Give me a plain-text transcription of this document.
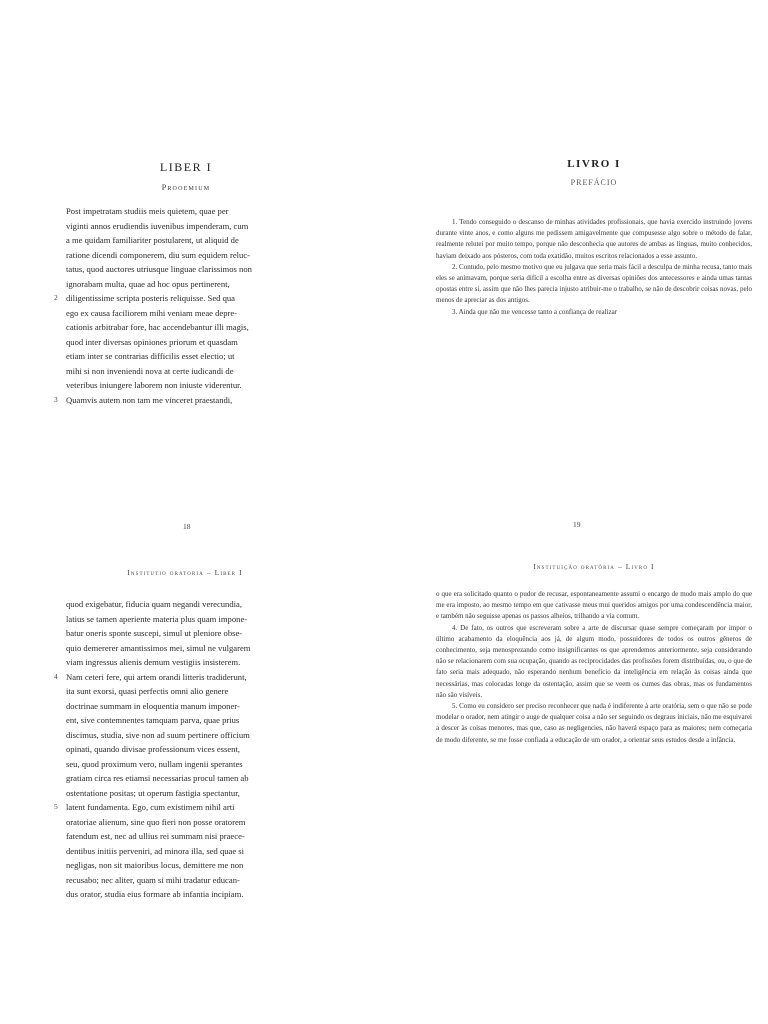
LIBER I
Prooemium
Post impetratam studiis meis quietem, quae per
viginti annos erudiendis iuvenibus impenderam, cum
a me quidam familiariter postularent, ut aliquid de
ratione dicendi componerem, diu sum equidem reluc-
tatus, quod auctores utriusque linguae clarissimos non
ignorabam multa, quae ad hoc opus pertinerent,
2 diligentissime scripta posteris reliquisse. Sed qua
ego ex causa faciliorem mihi veniam meae depre-
cationis arbitrabar fore, hac accendebantur illi magis,
quod inter diversas opiniones priorum et quasdam
etiam inter se contrarias difficilis esset electio; ut
mihi si non inveniendi nova at certe iudicandi de
veteribus iniungere laborem non iniuste viderentur.
3 Quamvis autem non tam me vinceret praestandi,
18
LIVRO I
PREFÁCIO

1. Tendo conseguido o descanso de minhas atividades profissionais, que havia exercido instruindo jovens durante vinte anos, e como alguns me pedissem amigavelmente que compusesse algo sobre o método de falar, realmente relutei por muito tempo, porque não desconhecia que autores de ambas as línguas, muito conhecidos, haviam deixado aos pósteros, com toda exatidão, muitos escritos relacionados a esse assunto.

2. Contudo, pelo mesmo motivo que eu julgava que seria mais fácil a desculpa de minha recusa, tanto mais eles se animavam, porque seria difícil a escolha entre as diversas opiniões dos antecessores e ainda umas tantas opostas entre si, assim que não lhes parecia injusto atribuir-me o trabalho, se não de descobrir coisas novas, pelo menos de apreciar as dos antigos.

3. Ainda que não me vencesse tanto a confiança de realizar

19
Institutio oratoria – Liber I
quod exigebatur, fiducia quam negandi verecundia,
latius se tamen aperiente materia plus quam impone-
batur oneris sponte suscepi, simul ut pleniore obse-
quio demererer amantissimos mei, simul ne vulgarem
viam ingressus alienis demum vestigiis insisterem.
4 Nam ceteri fere, qui artem orandi litteris tradiderunt,
ita sunt exorsi, quasi perfectis omni alio genere
doctrinae summam in eloquentia manum imponer-
ent, sive contemnentes tamquam parva, quae prius
discimus, studia, sive non ad suum pertinere officium
opinati, quando divisae professionum vices essent,
seu, quod proximum vero, nullam ingenii sperantes
gratiam circa res etiamsi necessarias procul tamen ab
ostentatione positas; ut operum fastigia spectantur,
5 latent fundamenta. Ego, cum existimem nihil arti
oratoriae alienum, sine quo fieri non posse oratorem
fatendum est, nec ad ullius rei summam nisi praece-
dentibus initiis perveniri, ad minora illa, sed quae si
negligas, non sit maioribus locus, demittere me non
recusabo; nec aliter, quam si mihi tradatur educan-
dus orator, studia eius formare ab infantia incipiam.
Instituição oratória – Livro I

o que era solicitado quanto o pudor de recusar, espontaneamente assumi o encargo de modo mais amplo do que me era imposto, ao mesmo tempo em que cativasse meus mui queridos amigos por uma condescendência maior, e também não seguisse apenas os passos alheios, trilhando a via comum.

4. De fato, os outros que escreveram sobre a arte de discursar quase sempre começaram por impor o último acabamento da eloquência aos já, de algum modo, possuidores de todos os outros gêneros de conhecimento, seja menosprezando como insignificantes os que aprendemos anteriormente, seja considerando não se relacionarem com sua ocupação, quando as reciprocidades das profissões forem distribuídas, ou, o que de fato seria mais adequado, não esperando nenhum benefício da inteligência em relação às coisas ainda que necessárias, mas colocadas longe da ostentação, assim que se veem os cumes das obras, mas os fundamentos não são visíveis.

5. Como eu considero ser preciso reconhecer que nada é indiferente à arte oratória, sem o que não se pode modelar o orador, nem atingir o auge de qualquer coisa a não ser seguindo os degraus iniciais, não me esquivarei a descer às coisas menores, mas que, caso as negligencies, não haverá espaço para as maiores; nem começaria de modo diferente, se me fosse confiada a educação de um orador, a orientar seus estudos desde a infância.
